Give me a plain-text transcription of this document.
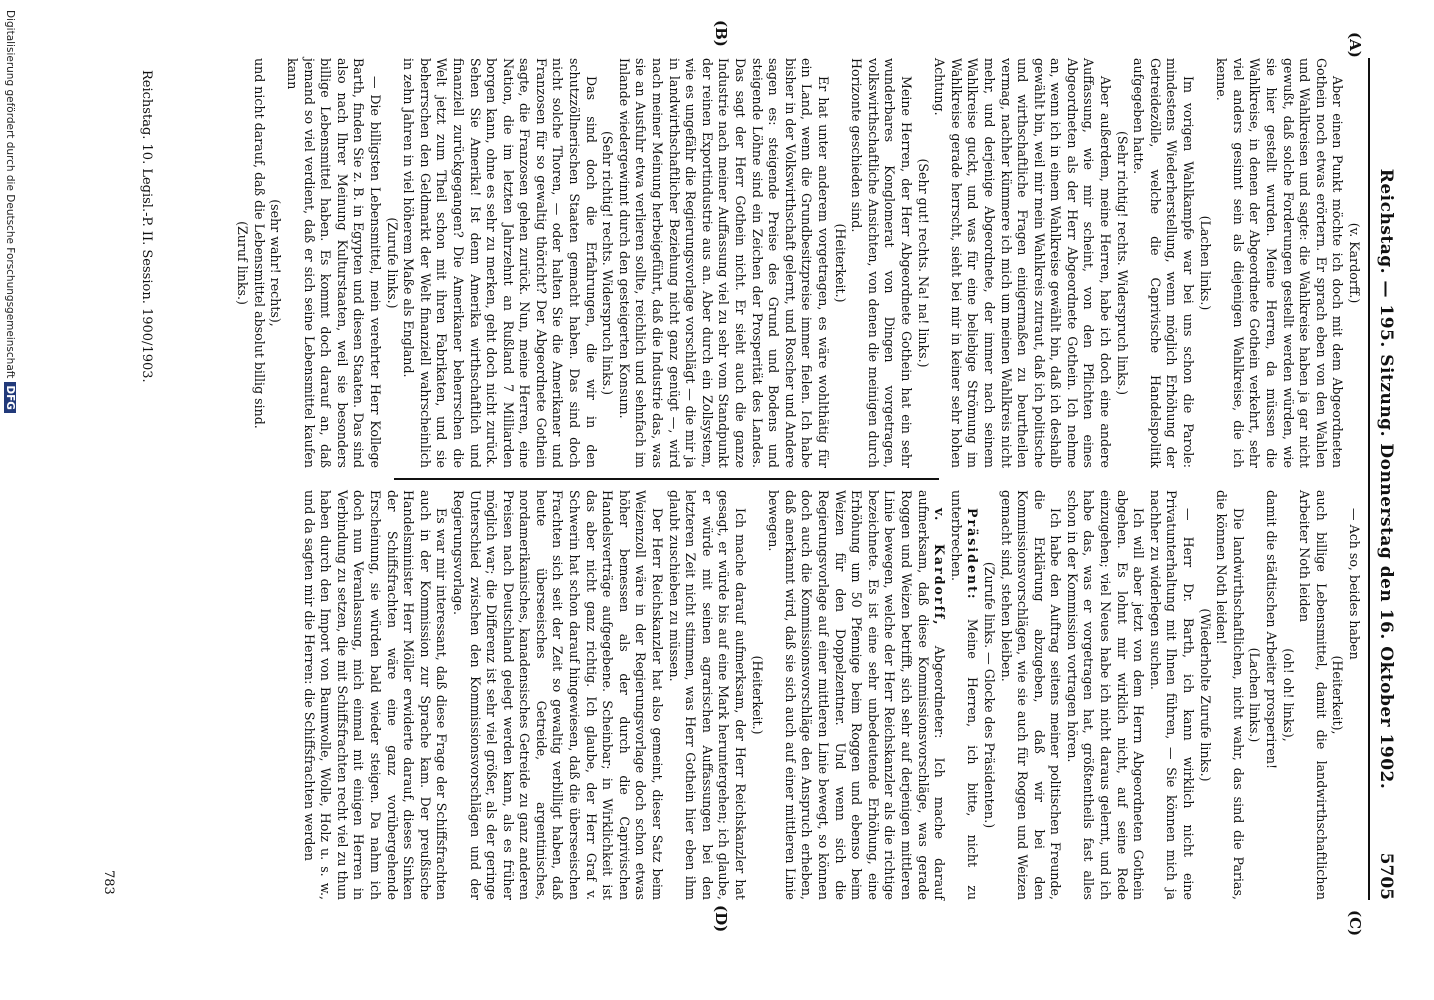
Reichstag. — 195. Sitzung. Donnerstag den 16. Oktober 1902.
5705
(A)
(B)
(C)
(D)

(v. Kardorff.)

Aber einen Punkt möchte ich doch mit dem Abgeordneten Gothein noch etwas erörtern. Er sprach eben von den Wahlen und Wahlkreisen und sagte: die Wahlkreise haben ja gar nicht gewußt, daß solche Forderungen gestellt werden würden, wie sie hier gestellt wurden. Meine Herren, da müssen die Wahlkreise, in denen der Abgeordnete Gothein verkehrt, sehr viel anders gesinnt sein als diejenigen Wahlkreise, die ich kenne.

(Lachen links.)

Im vorigen Wahlkampfe war bei uns schon die Parole: mindestens Wiederherstellung, wenn möglich Erhöhung der Getreidezölle, welche die Caprivische Handelspolitik aufgegeben hatte.

(Sehr richtig! rechts. Widerspruch links.)

Aber außerdem, meine Herren, habe ich doch eine andere Auffassung, wie mir scheint, von den Pflichten eines Abgeordneten als der Herr Abgeordnete Gothein. Ich nehme an, wenn ich in einem Wahlkreise gewählt bin, daß ich deshalb gewählt bin, weil mir mein Wahlkreis zutraut, daß ich politische und wirthschaftliche Fragen einigermaßen zu beurtheilen vermag, nachher kümmere ich mich um meinen Wahlkreis nicht mehr, und derjenige Abgeordnete, der immer nach seinem Wahlkreise guckt, und was für eine beliebige Strömung im Wahlkreise gerade herrscht, sieht bei mir in keiner sehr hohen Achtung.

(Sehr gut! rechts. Na! na! links.)

Meine Herren, der Herr Abgeordnete Gothein hat ein sehr wunderbares Konglomerat von Dingen vorgetragen, volkswirthschaftliche Ansichten, von denen die meinigen durch Horizonte geschieden sind.

(Heiterkeit.)

Er hat unter anderem vorgetragen, es wäre wohlthätig für ein Land, wenn die Grundbesitzpreise immer fielen. Ich habe bisher in der Volkswirthschaft gelernt, und Roscher und Andere sagen es: steigende Preise des Grund und Bodens und steigende Löhne sind ein Zeichen der Prosperität des Landes. Das sagt der Herr Gothein nicht. Er sieht auch die ganze Industrie nach meiner Auffassung viel zu sehr vom Standpunkt der reinen Exportindustrie aus an. Aber durch ein Zollsystem, wie es ungefähr die Regierungsvorlage vorschlägt — die mir ja in landwirthschaftlicher Beziehung nicht ganz genügt —, wird nach meiner Meinung herbeigeführt, daß die Industrie das, was sie an Ausfuhr etwa verlieren sollte, reichlich und sehnfach im Inlande wiedergewinnt durch den gesteigerten Konsum.

(Sehr richtig! rechts. Widerspruch links.)

Das sind doch die Erfahrungen, die wir in den schutzzöllnerischen Staaten gemacht haben. Das sind doch nicht solche Thoren, — oder halten Sie die Amerikaner und Franzosen für so gewaltig thöricht? Der Abgeordnete Gothein sagte, die Franzosen gehen zurück. Nun, meine Herren, eine Nation, die im letzten Jahrzehnt an Rußland 7 Milliarden borgen kann, ohne es sehr zu merken, geht doch nicht zurück. Sehen Sie Amerika! Ist denn Amerika wirthschaftlich und finanziell zurückgegangen? Die Amerikaner beherrschen die Welt jetzt zum Theil schon mit ihren Fabrikaten, und sie beherrschen den Geldmarkt der Welt finanziell wahrscheinlich in zehn Jahren in viel höherem Maße als England.

(Zurufe links.)

— Die billigsten Lebensmittel, mein verehrter Herr Kollege Barth, finden Sie z. B. in Egypten und diesen Staaten. Das sind also nach Ihrer Meinung Kulturstaaten, weil sie besonders billige Lebensmittel haben. Es kommt doch darauf an, daß jemand so viel verdient, daß er sich seine Lebensmittel kaufen kann

(sehr wahr! rechts),

und nicht darauf, daß die Lebensmittel absolut billig sind.

(Zuruf links.)

— Ach so, beides haben

(Heiterkeit),

auch billige Lebensmittel, damit die landwirthschaftlichen Arbeiter Noth leiden

(oh! oh! links),

damit die städtischen Arbeiter prosperiren!

(Lachen links.)

Die landwirthschaftlichen, nicht wahr, das sind die Parias, die können Noth leiden!

(Wiederholte Zurufe links.)

— Herr Dr. Barth, ich kann wirklich nicht eine Privatunterhaltung mit Ihnen führen, — Sie können mich ja nachher zu widerlegen suchen.

Ich will aber jetzt von dem Herrn Abgeordneten Gothein abgehen. Es lohnt mir wirklich nicht, auf seine Rede einzugehen; viel Neues habe ich nicht daraus gelernt, und ich habe das, was er vorgetragen hat, größtentheils fast alles schon in der Kommission vortragen hören.

Ich habe den Auftrag seitens meiner politischen Freunde, die Erklärung abzugeben, daß wir bei den Kommissionsvorschlägen, wie sie auch für Roggen und Weizen gemacht sind, stehen bleiben.

(Zurufe links. — Glocke des Präsidenten.)

Präsident: Meine Herren, ich bitte, nicht zu unterbrechen.

v. Kardorff, Abgeordneter: Ich mache darauf aufmerksam, daß diese Kommissionsvorschläge, was gerade Roggen und Weizen betrifft, sich sehr auf derjenigen mittleren Linie bewegen, welche der Herr Reichskanzler als die richtige bezeichnete. Es ist eine sehr unbedeutende Erhöhung, eine Erhöhung um 50 Pfennige beim Roggen und ebenso beim Weizen für den Doppelzentner. Und wenn sich die Regierungsvorlage auf einer mittleren Linie bewegt, so können doch auch die Kommissionsvorschläge den Anspruch erheben, daß anerkannt wird, daß sie sich auch auf einer mittleren Linie bewegen.

(Heiterkeit.)

Ich mache darauf aufmerksam, der Herr Reichskanzler hat gesagt, er würde bis auf eine Mark heruntergehen; ich glaube, er würde mit seinen agrarischen Auffassungen bei den letzteren Zeit nicht stimmen, was Herr Gothein hier eben ihm glaubt zuschieben zu müssen.

Der Herr Reichskanzler hat also gemeint, dieser Satz beim Weizenzoll wäre in der Regierungsvorlage doch schon etwas höher bemessen als der durch die Caprivischen Handelsverträge aufgegebene. Scheinbar; in Wirklichkeit ist das aber nicht ganz richtig. Ich glaube, der Herr Graf v. Schwerin hat schon darauf hingewiesen, daß die überseeischen Frachten sich seit der Zeit so gewaltig verbilligt haben, daß heute überseeisches Getreide, argentinisches, nordamerikanisches, kanadensisches Getreide zu ganz anderen Preisen nach Deutschland gelegt werden kann, als es früher möglich war; die Differenz ist sehr viel größer, als der geringe Unterschied zwischen den Kommissionsvorschlägen und der Regierungsvorlage.

Es war mir interessant, daß diese Frage der Schiffsfrachten auch in der Kommission zur Sprache kam. Der preußische Handelsminister Herr Möller erwiderte darauf, dieses Sinken der Schiffsfrachten wäre eine ganz vorübergehende Erscheinung, sie würden bald wieder steigen. Da nahm ich doch nun Veranlassung, mich einmal mit einigen Herren in Verbindung zu setzen, die mit Schiffsfrachten recht viel zu thun haben durch den Import von Baumwolle, Wolle, Holz u. s. w., und da sagten mir die Herren: die Schiffsfrachten werden

Reichstag. 10. Legisl.-P. II. Session. 1900/1903.
783
Digitalisierung gefördert durch die Deutsche ForschungsgemeinschaftDFG
